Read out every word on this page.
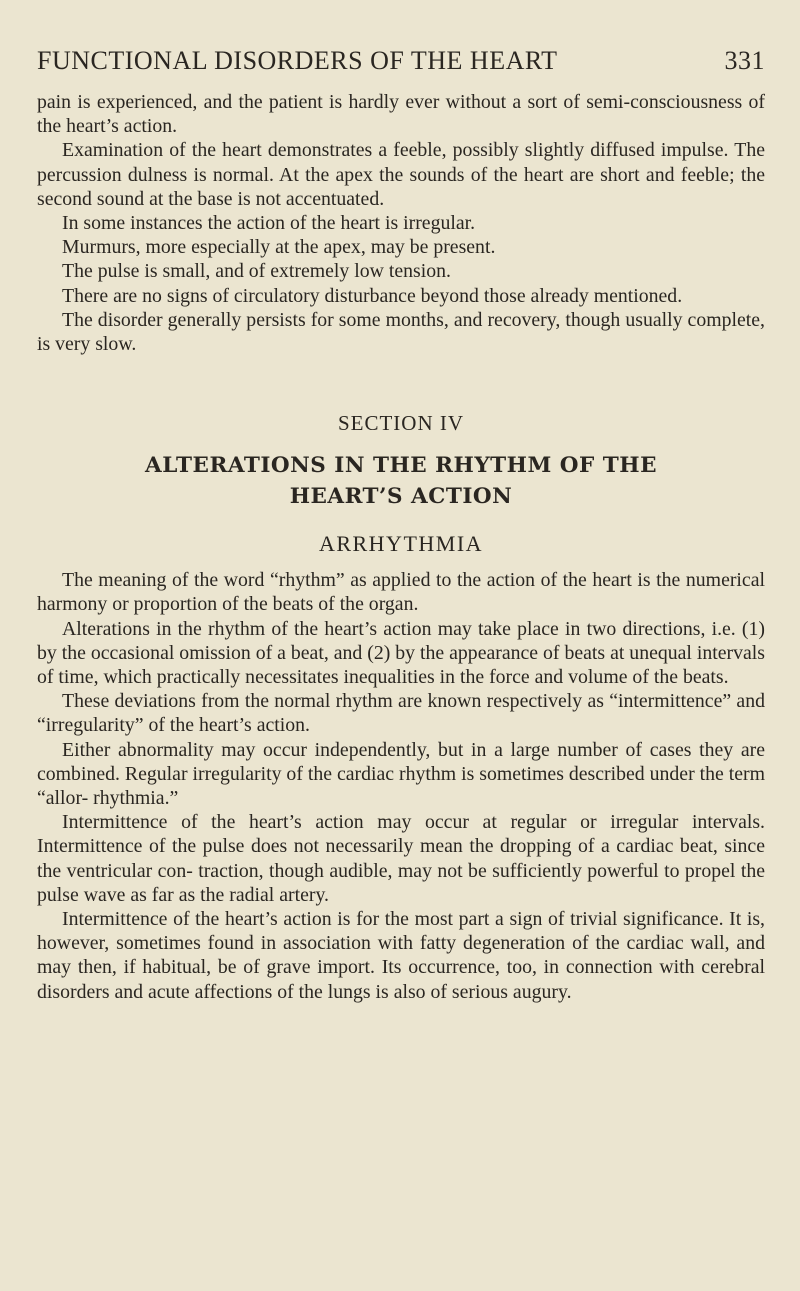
FUNCTIONAL DISORDERS OF THE HEART	331

pain is experienced, and the patient is hardly ever without a sort of semi-consciousness of the heart’s action.

Examination of the heart demonstrates a feeble, possibly slightly diffused impulse. The percussion dulness is normal. At the apex the sounds of the heart are short and feeble; the second sound at the base is not accentuated.

In some instances the action of the heart is irregular.

Murmurs, more especially at the apex, may be present.

The pulse is small, and of extremely low tension.

There are no signs of circulatory disturbance beyond those already mentioned.

The disorder generally persists for some months, and recovery, though usually complete, is very slow.

SECTION IV
ALTERATIONS IN THE RHYTHM OF THE
HEART’S ACTION
ARRHYTHMIA

The meaning of the word “rhythm” as applied to the action of the heart is the numerical harmony or proportion of the beats of the organ.

Alterations in the rhythm of the heart’s action may take place in two directions, i.e. (1) by the occasional omission of a beat, and (2) by the appearance of beats at unequal intervals of time, which practically necessitates inequalities in the force and volume of the beats.

These deviations from the normal rhythm are known respectively as “intermittence” and “irregularity” of the heart’s action.

Either abnormality may occur independently, but in a large number of cases they are combined. Regular irregularity of the cardiac rhythm is sometimes described under the term “allor- rhythmia.”

Intermittence of the heart’s action may occur at regular or irregular intervals. Intermittence of the pulse does not necessarily mean the dropping of a cardiac beat, since the ventricular con- traction, though audible, may not be sufficiently powerful to propel the pulse wave as far as the radial artery.

Intermittence of the heart’s action is for the most part a sign of trivial significance. It is, however, sometimes found in association with fatty degeneration of the cardiac wall, and may then, if habitual, be of grave import. Its occurrence, too, in connection with cerebral disorders and acute affections of the lungs is also of serious augury.
